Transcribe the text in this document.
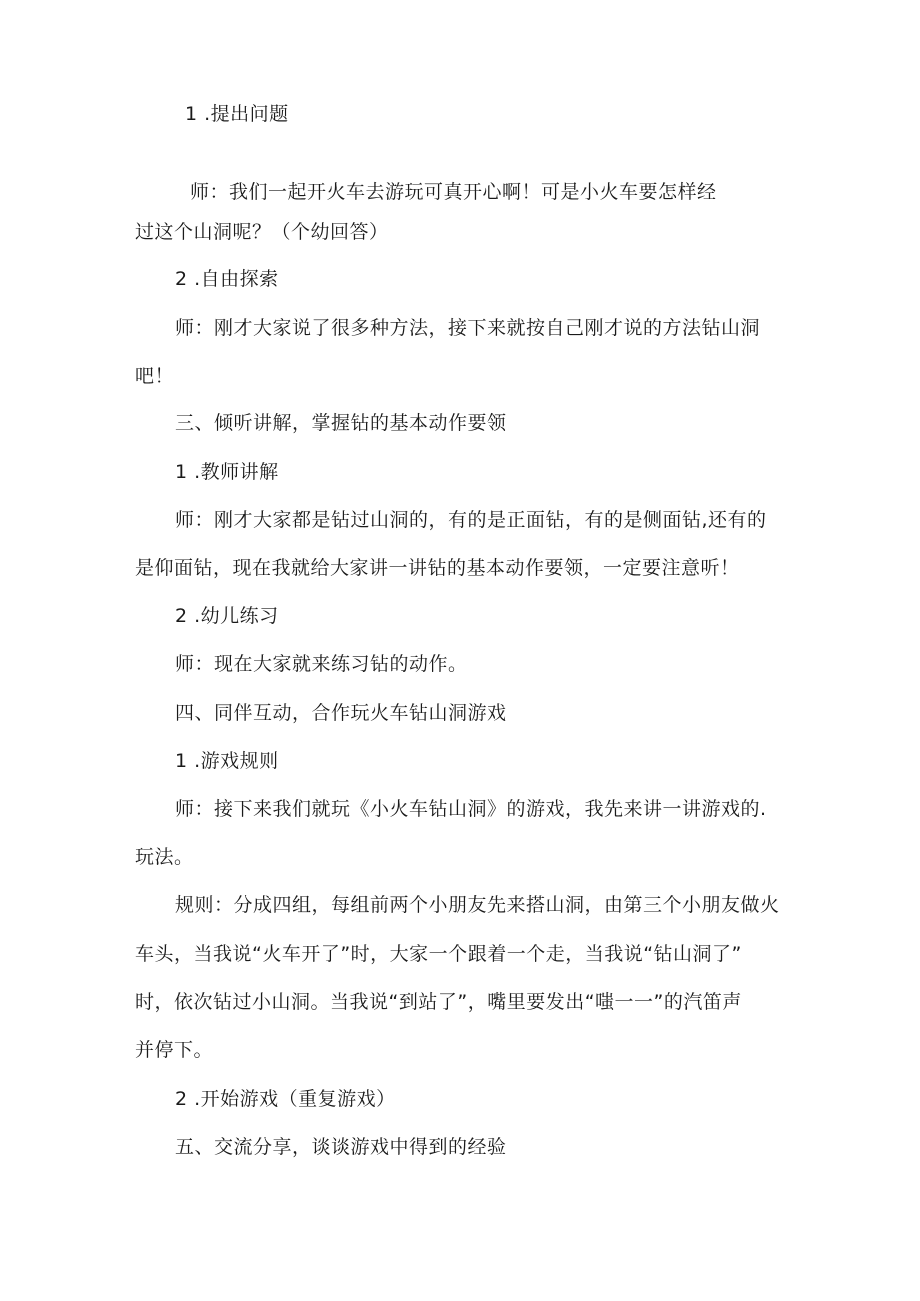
1 .提出问题

师：我们一起开火车去游玩可真开心啊！可是小火车要怎样经

过这个山洞呢？（个幼回答）

2 .自由探索

师：刚才大家说了很多种方法，接下来就按自己刚才说的方法钻山洞

吧！

三、倾听讲解，掌握钻的基本动作要领

1 .教师讲解

师：刚才大家都是钻过山洞的，有的是正面钻，有的是侧面钻,还有的

是仰面钻，现在我就给大家讲一讲钻的基本动作要领，一定要注意听！

2 .幼儿练习

师：现在大家就来练习钻的动作。

四、同伴互动，合作玩火车钻山洞游戏

1 .游戏规则

师：接下来我们就玩《小火车钻山洞》的游戏，我先来讲一讲游戏的.

玩法。

规则：分成四组，每组前两个小朋友先来搭山洞，由第三个小朋友做火

车头，当我说“火车开了”时，大家一个跟着一个走，当我说“钻山洞了”

时，依次钻过小山洞。当我说“到站了”，嘴里要发出“嗤一一”的汽笛声

并停下。

2 .开始游戏（重复游戏）

五、交流分享，谈谈游戏中得到的经验
